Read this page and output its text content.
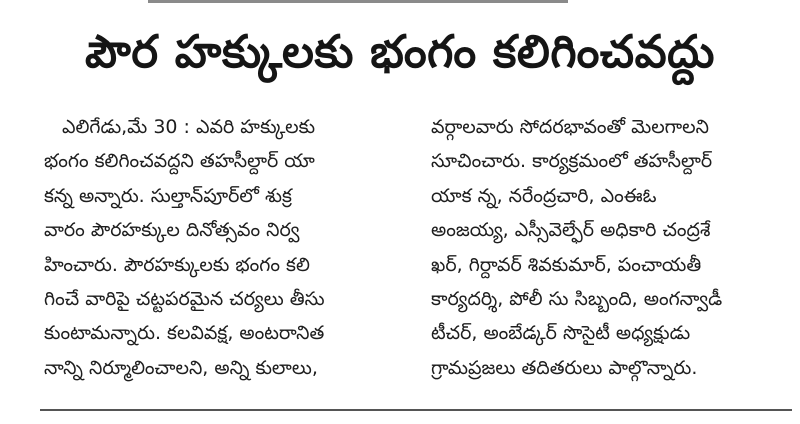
పౌర హక్కులకు భంగం కలిగించవద్దు
ఎలిగేడు,మే 30 : ఎవరి హక్కులకు
భంగం కలిగించవద్దని తహసీల్దార్ యా
కన్న అన్నారు. సుల్తాన్‌పూర్‌లో శుక్ర
వారం పౌరహక్కుల దినోత్సవం నిర్వ
హించారు. పౌరహక్కులకు భంగం కలి
గించే వారిపై చట్టపరమైన చర్యలు తీసు
కుంటామన్నారు. కలవివక్ష, అంటరానిత
నాన్ని నిర్మూలించాలని, అన్ని కులాలు,
వర్గాలవారు సోదరభావంతో మెలగాలని
సూచించారు. కార్యక్రమంలో తహసీల్దార్
యాక న్న, నరేంద్రచారి, ఎంఈఓ
అంజయ్య, ఎస్సీవెల్ఫేర్ అధికారి చంద్రశే
ఖర్, గిర్దావర్ శివకుమార్, పంచాయతీ
కార్యదర్శి, పోలీ సు సిబ్బంది, అంగన్వాడీ
టీచర్, అంబేడ్కర్ సొసైటీ అధ్యక్షుడు
గ్రామప్రజలు తదితరులు పాల్గొన్నారు.
